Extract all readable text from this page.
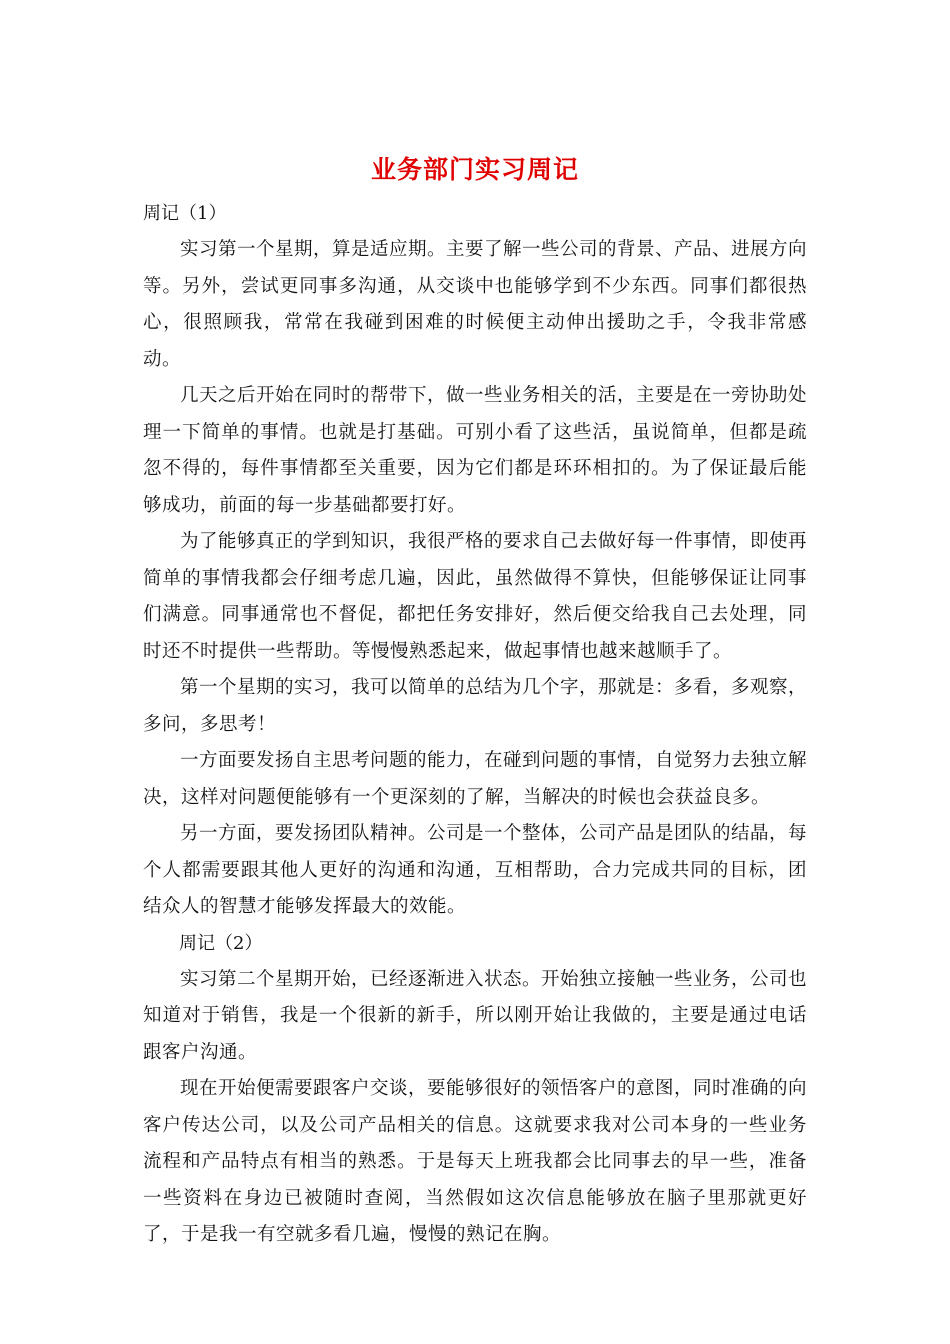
业务部门实习周记

周记（1）

实习第一个星期，算是适应期。主要了解一些公司的背景、产品、进展方向等。另外，尝试更同事多沟通，从交谈中也能够学到不少东西。同事们都很热心，很照顾我，常常在我碰到困难的时候便主动伸出援助之手，令我非常感动。

几天之后开始在同时的帮带下，做一些业务相关的活，主要是在一旁协助处理一下简单的事情。也就是打基础。可别小看了这些活，虽说简单，但都是疏忽不得的，每件事情都至关重要，因为它们都是环环相扣的。为了保证最后能够成功，前面的每一步基础都要打好。

为了能够真正的学到知识，我很严格的要求自己去做好每一件事情，即使再简单的事情我都会仔细考虑几遍，因此，虽然做得不算快，但能够保证让同事们满意。同事通常也不督促，都把任务安排好，然后便交给我自己去处理，同时还不时提供一些帮助。等慢慢熟悉起来，做起事情也越来越顺手了。

第一个星期的实习，我可以简单的总结为几个字，那就是：多看，多观察，多问，多思考！

一方面要发扬自主思考问题的能力，在碰到问题的事情，自觉努力去独立解决，这样对问题便能够有一个更深刻的了解，当解决的时候也会获益良多。

另一方面，要发扬团队精神。公司是一个整体，公司产品是团队的结晶，每个人都需要跟其他人更好的沟通和沟通，互相帮助，合力完成共同的目标，团结众人的智慧才能够发挥最大的效能。

周记（2）

实习第二个星期开始，已经逐渐进入状态。开始独立接触一些业务，公司也知道对于销售，我是一个很新的新手，所以刚开始让我做的，主要是通过电话跟客户沟通。

现在开始便需要跟客户交谈，要能够很好的领悟客户的意图，同时准确的向客户传达公司，以及公司产品相关的信息。这就要求我对公司本身的一些业务流程和产品特点有相当的熟悉。于是每天上班我都会比同事去的早一些，准备一些资料在身边已被随时查阅，当然假如这次信息能够放在脑子里那就更好了，于是我一有空就多看几遍，慢慢的熟记在胸。
